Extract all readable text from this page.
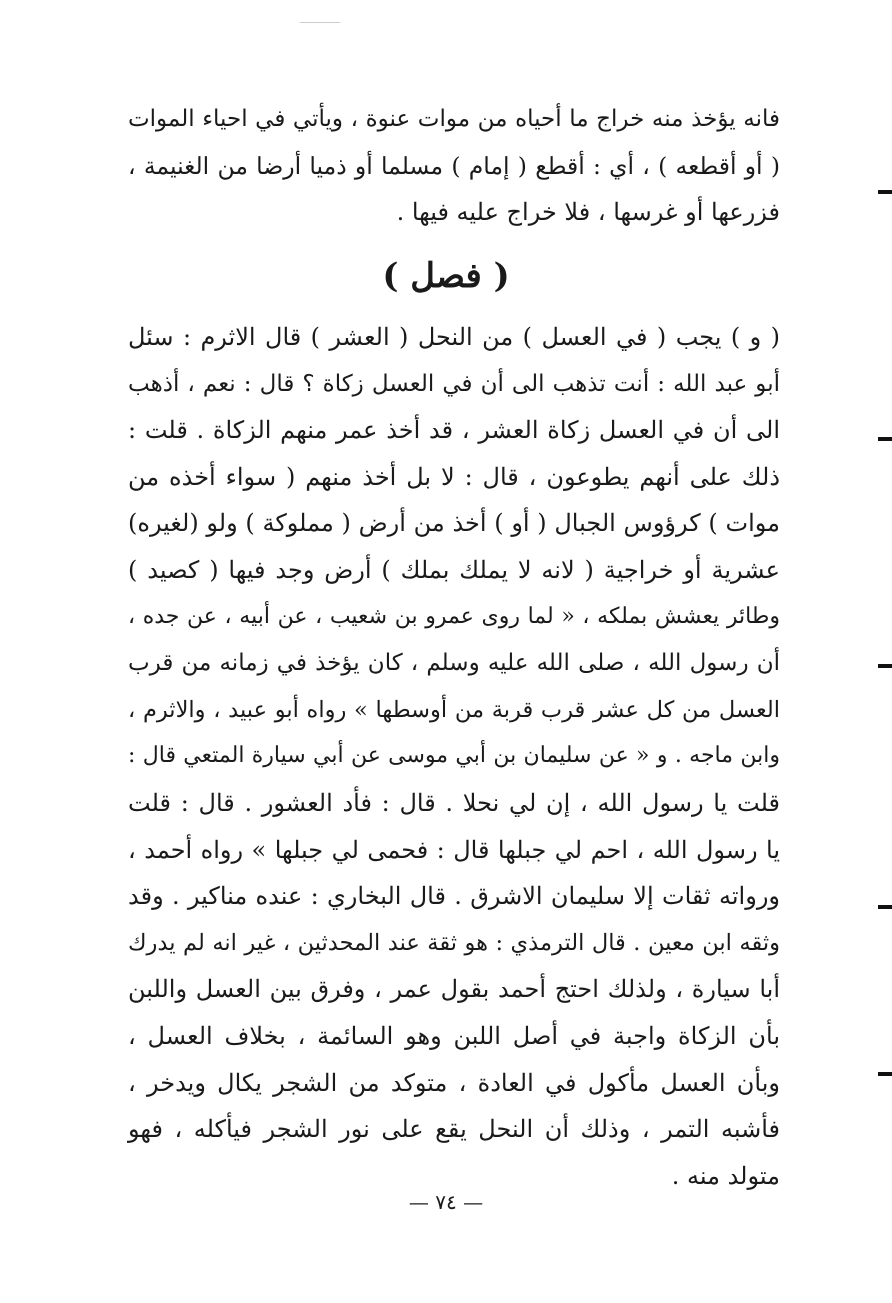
فانه يؤخذ منه خراج ما أحياه من موات عنوة ، ويأتي في احياء الموات
( أو أقطعه ) ، أي : أقطع ( إمام ) مسلما أو ذميا أرضا من الغنيمة ،
فزرعها أو غرسها ، فلا خراج عليه فيها .
( فصل )
( و ) يجب ( في العسل ) من النحل ( العشر ) قال الاثرم : سئل
أبو عبد الله : أنت تذهب الى أن في العسل زكاة ؟ قال : نعم ، أذهب
الى أن في العسل زكاة العشر ، قد أخذ عمر منهم الزكاة . قلت :
ذلك على أنهم يطوعون ، قال : لا بل أخذ منهم ( سواء أخذه من
موات ) كرؤوس الجبال ( أو ) أخذ من أرض ( مملوكة ) ولو (لغيره)
عشرية أو خراجية ( لانه لا يملك بملك ) أرض وجد فيها ( كصيد )
وطائر يعشش بملكه ، « لما روى عمرو بن شعيب ، عن أبيه ، عن جده ،
أن رسول الله ، صلى الله عليه وسلم ، كان يؤخذ في زمانه من قرب
العسل من كل عشر قرب قربة من أوسطها » رواه أبو عبيد ، والاثرم ،
وابن ماجه . و « عن سليمان بن أبي موسى عن أبي سيارة المتعي قال :
قلت يا رسول الله ، إن لي نحلا . قال : فأد العشور . قال : قلت
يا رسول الله ، احم لي جبلها قال : فحمى لي جبلها » رواه أحمد ،
ورواته ثقات إلا سليمان الاشرق . قال البخاري : عنده مناكير . وقد
وثقه ابن معين . قال الترمذي : هو ثقة عند المحدثين ، غير انه لم يدرك
أبا سيارة ، ولذلك احتج أحمد بقول عمر ، وفرق بين العسل واللبن
بأن الزكاة واجبة في أصل اللبن وهو السائمة ، بخلاف العسل ،
وبأن العسل مأكول في العادة ، متوكد من الشجر يكال ويدخر ،
فأشبه التمر ، وذلك أن النحل يقع على نور الشجر فيأكله ، فهو
متولد منه .
— ٧٤ —
